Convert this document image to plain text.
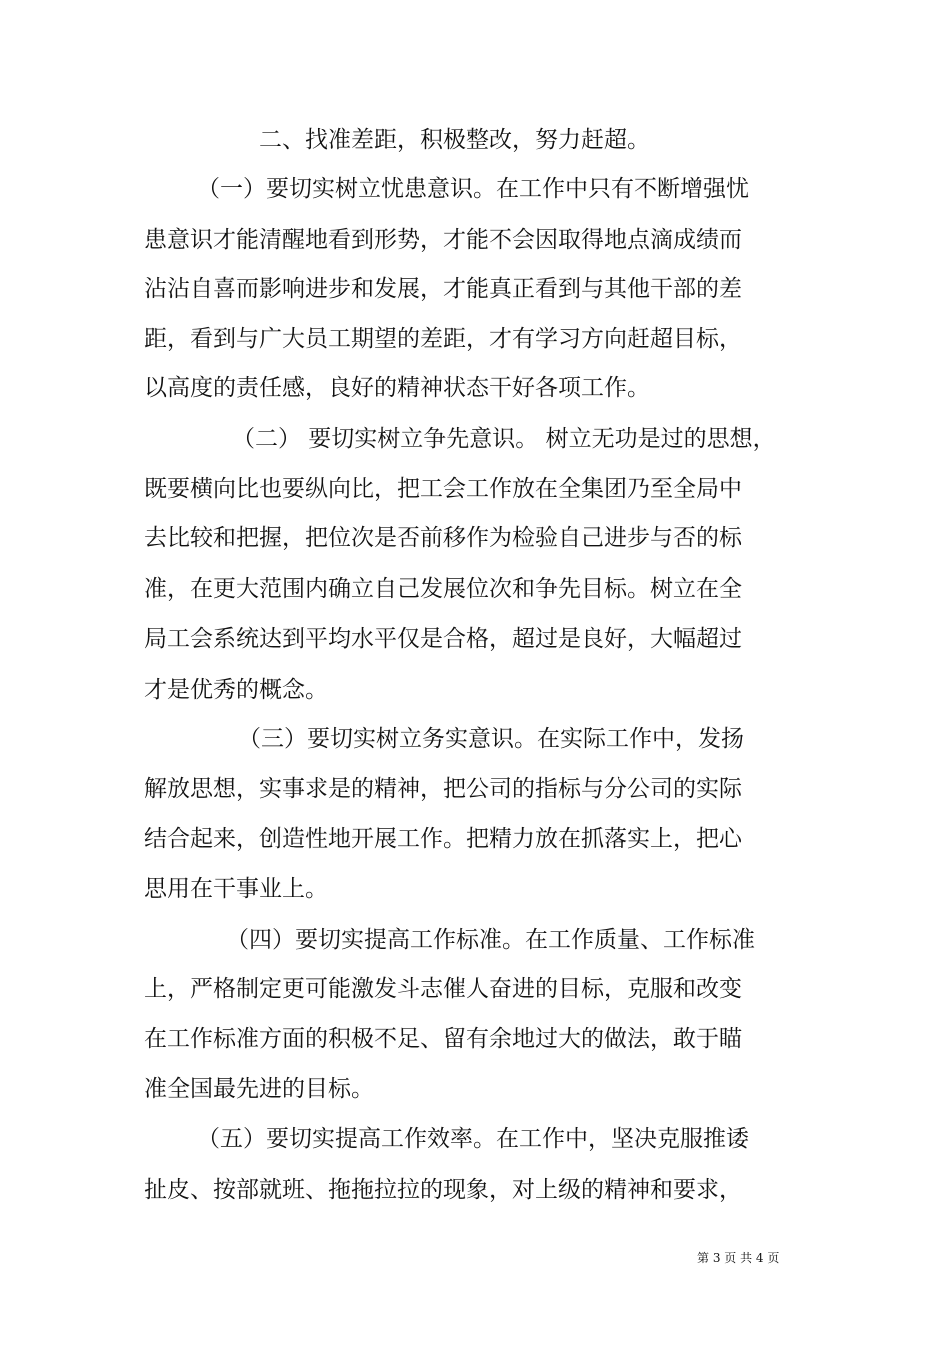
二、找准差距，积极整改，努力赶超。
（一）要切实树立忧患意识。在工作中只有不断增强忧
患意识才能清醒地看到形势，才能不会因取得地点滴成绩而
沾沾自喜而影响进步和发展，才能真正看到与其他干部的差
距，看到与广大员工期望的差距，才有学习方向赶超目标，
以高度的责任感，良好的精神状态干好各项工作。
（二） 要切实树立争先意识。 树立无功是过的思想，
既要横向比也要纵向比，把工会工作放在全集团乃至全局中
去比较和把握，把位次是否前移作为检验自己进步与否的标
准，在更大范围内确立自己发展位次和争先目标。树立在全
局工会系统达到平均水平仅是合格，超过是良好，大幅超过
才是优秀的概念。
（三）要切实树立务实意识。在实际工作中，发扬
解放思想，实事求是的精神，把公司的指标与分公司的实际
结合起来，创造性地开展工作。把精力放在抓落实上，把心
思用在干事业上。
（四）要切实提高工作标准。在工作质量、工作标准
上，严格制定更可能激发斗志催人奋进的目标，克服和改变
在工作标准方面的积极不足、留有余地过大的做法，敢于瞄
准全国最先进的目标。
（五）要切实提高工作效率。在工作中，坚决克服推诿
扯皮、按部就班、拖拖拉拉的现象，对上级的精神和要求，
第 3 页 共 4 页
